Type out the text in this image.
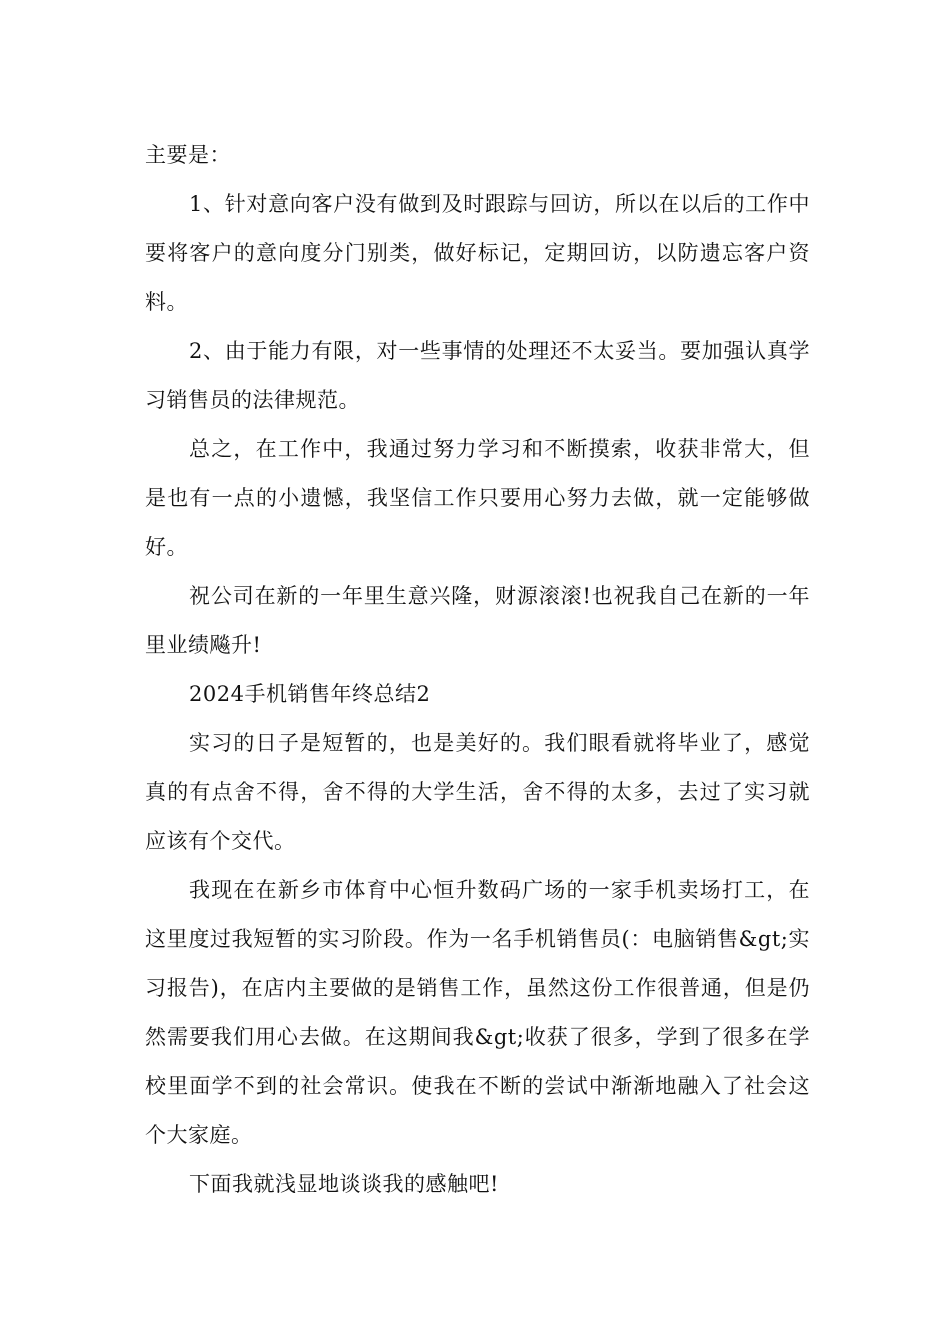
主要是：

1、针对意向客户没有做到及时跟踪与回访，所以在以后的工作中要将客户的意向度分门别类，做好标记，定期回访，以防遗忘客户资料。

2、由于能力有限，对一些事情的处理还不太妥当。要加强认真学习销售员的法律规范。

总之，在工作中，我通过努力学习和不断摸索，收获非常大，但是也有一点的小遗憾，我坚信工作只要用心努力去做，就一定能够做好。

祝公司在新的一年里生意兴隆，财源滚滚!也祝我自己在新的一年里业绩飚升!

2024手机销售年终总结2

实习的日子是短暂的，也是美好的。我们眼看就将毕业了，感觉真的有点舍不得，舍不得的大学生活，舍不得的太多，去过了实习就应该有个交代。

我现在在新乡市体育中心恒升数码广场的一家手机卖场打工，在这里度过我短暂的实习阶段。作为一名手机销售员(：电脑销售&gt;实习报告)，在店内主要做的是销售工作，虽然这份工作很普通，但是仍然需要我们用心去做。在这期间我&gt;收获了很多，学到了很多在学校里面学不到的社会常识。使我在不断的尝试中渐渐地融入了社会这个大家庭。

下面我就浅显地谈谈我的感触吧!
